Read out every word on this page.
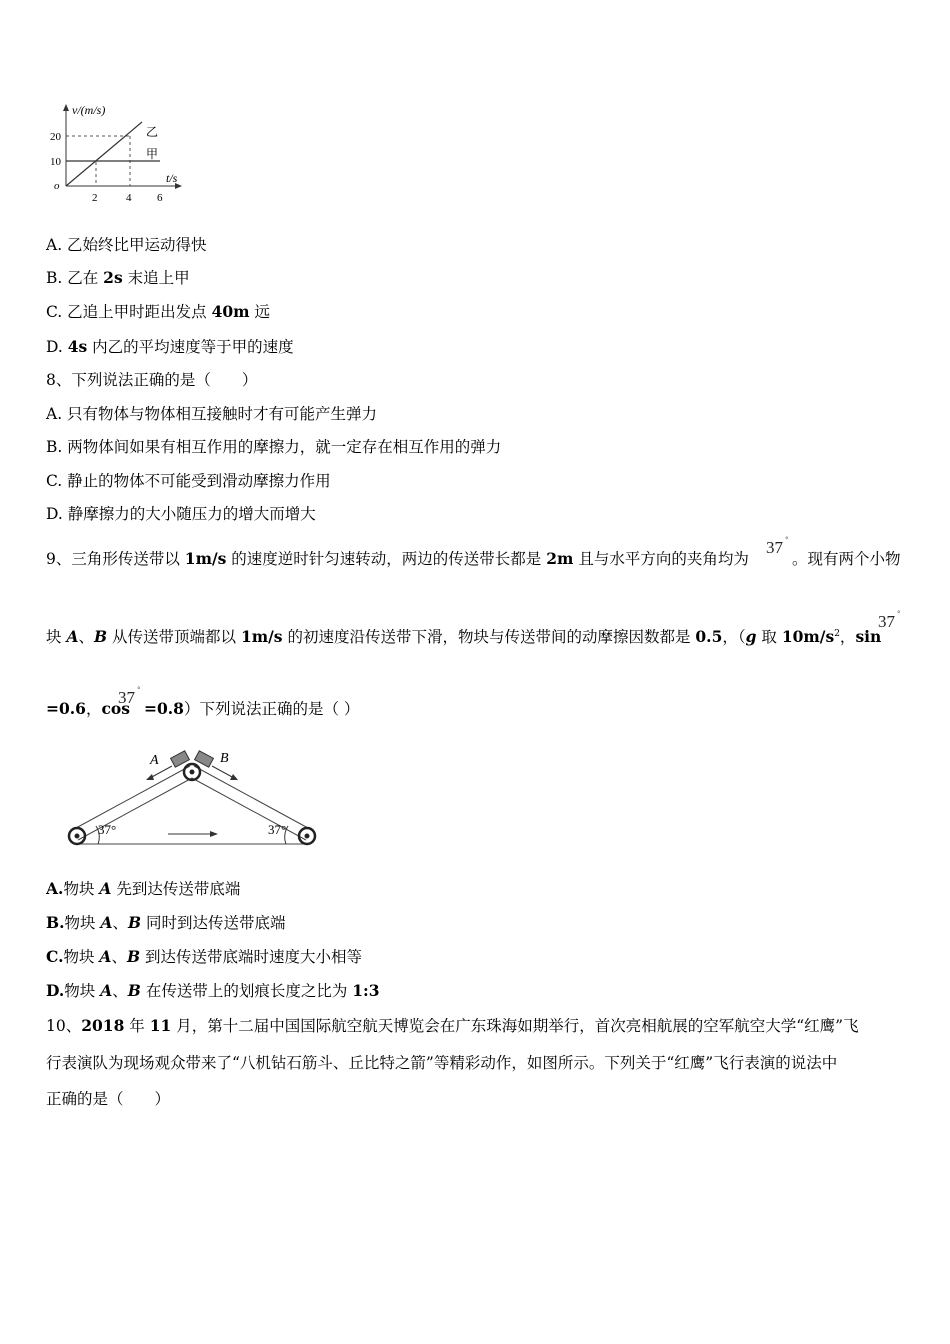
v/(m/s)
20
10
o
2	4 6
t/s
乙
甲
A. 乙始终比甲运动得快
B. 乙在 2s 末追上甲
C. 乙追上甲时距出发点 40m 远
D. 4s 内乙的平均速度等于甲的速度
8、下列说法正确的是（　　）
A. 只有物体与物体相互接触时才有可能产生弹力
B. 两物体间如果有相互作用的摩擦力，就一定存在相互作用的弹力
C. 静止的物体不可能受到滑动摩擦力作用
D. 静摩擦力的大小随压力的增大而增大
9、三角形传送带以 1m/s 的速度逆时针匀速转动，两边的传送带长都是 2m 且与水平方向的夹角均为
37 °
。现有两个小物
块 A、B 从传送带顶端都以 1m/s 的初速度沿传送带下滑，物块与传送带间的动摩擦因数都是 0.5，（g 取 $10m/s^2$，sin
37 °
=0.6，cos
37 °
=0.8）下列说法正确的是（ ）
A	B
37°	37°
A.物块 A 先到达传送带底端
B.物块 A、B 同时到达传送带底端
C.物块 A、B 到达传送带底端时速度大小相等
D.物块 A、B 在传送带上的划痕长度之比为 1:3
10、2018 年 11 月，第十二届中国国际航空航天博览会在广东珠海如期举行，首次亮相航展的空军航空大学“红鹰”飞
行表演队为现场观众带来了“八机钻石筋斗、丘比特之箭”等精彩动作，如图所示。下列关于“红鹰”飞行表演的说法中
正确的是（　　）
